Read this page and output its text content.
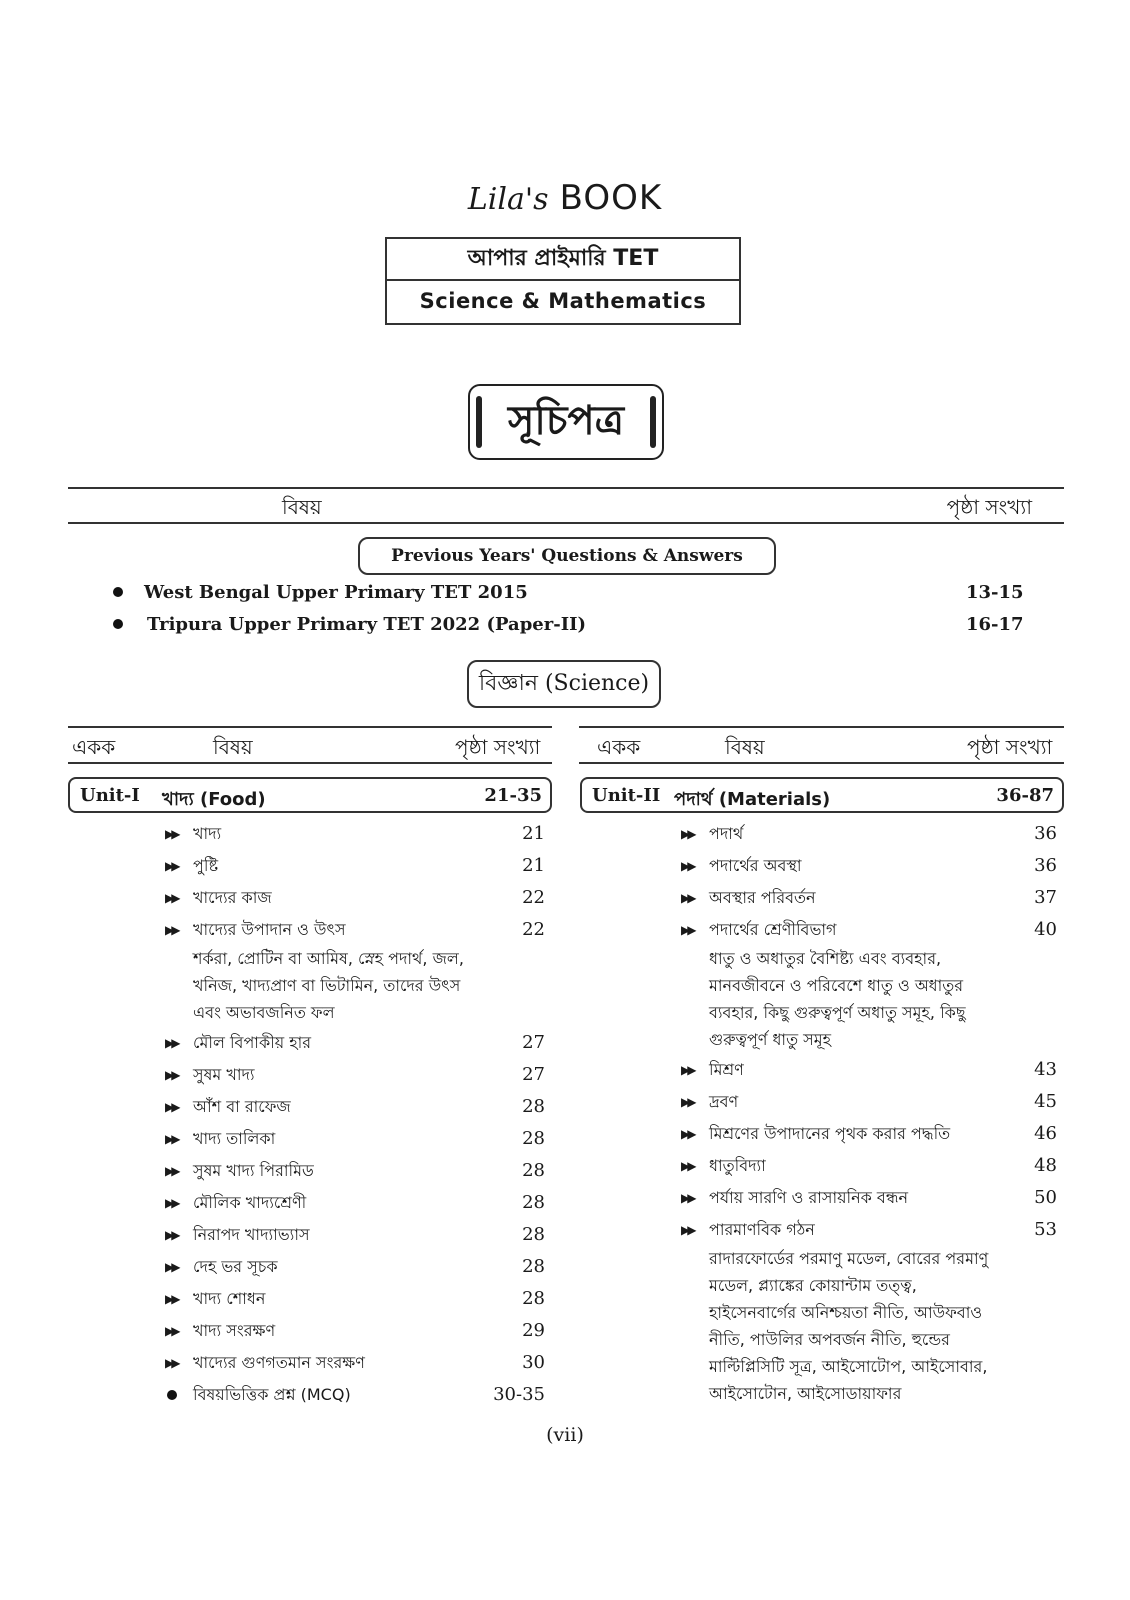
Lila's BOOK
আপার প্রাইমারি TET
Science & Mathematics
সূচিপত্র
বিষয়	পৃষ্ঠা সংখ্যা
Previous Years' Questions & Answers
West Bengal Upper Primary TET 2015	13-15
Tripura Upper Primary TET 2022 (Paper-II)	16-17
বিজ্ঞান (Science)
একক	বিষয়	পৃষ্ঠা সংখ্যা	একক	বিষয়	পৃষ্ঠা সংখ্যা
Unit-I খাদ্য (Food)	21-35	Unit-II পদার্থ (Materials)	36-87
▶▶ খাদ্য	21
▶▶ পুষ্টি	21
▶▶ খাদ্যের কাজ	22
▶▶ খাদ্যের উপাদান ও উৎস	22
শর্করা, প্রোটিন বা আমিষ, স্নেহ পদার্থ, জল,
খনিজ, খাদ্যপ্রাণ বা ভিটামিন, তাদের উৎস
এবং অভাবজনিত ফল
▶▶ মৌল বিপাকীয় হার	27
▶▶ সুষম খাদ্য	27
▶▶ আঁশ বা রাফেজ	28
▶▶ খাদ্য তালিকা	28
▶▶ সুষম খাদ্য পিরামিড	28
▶▶ মৌলিক খাদ্যশ্রেণী	28
▶▶ নিরাপদ খাদ্যাভ্যাস	28
▶▶ দেহ ভর সূচক	28
▶▶ খাদ্য শোধন	28
▶▶ খাদ্য সংরক্ষণ	29
▶▶ খাদ্যের গুণগতমান সংরক্ষণ	30
বিষয়ভিত্তিক প্রশ্ন (MCQ)	30-35
▶▶ পদার্থ	36
▶▶ পদার্থের অবস্থা	36
▶▶ অবস্থার পরিবর্তন	37
▶▶ পদার্থের শ্রেণীবিভাগ	40
ধাতু ও অধাতুর বৈশিষ্ট্য এবং ব্যবহার,
মানবজীবনে ও পরিবেশে ধাতু ও অধাতুর
ব্যবহার, কিছু গুরুত্বপূর্ণ অধাতু সমূহ, কিছু
গুরুত্বপূর্ণ ধাতু সমূহ
▶▶ মিশ্রণ	43
▶▶ দ্রবণ	45
▶▶ মিশ্রণের উপাদানের পৃথক করার পদ্ধতি	46
▶▶ ধাতুবিদ্যা	48
▶▶ পর্যায় সারণি ও রাসায়নিক বন্ধন	50
▶▶ পারমাণবিক গঠন	53
রাদারফোর্ডের পরমাণু মডেল, বোরের পরমাণু
মডেল, প্ল্যাঙ্কের কোয়ান্টাম তত্ত্ব,
হাইসেনবার্গের অনিশ্চয়তা নীতি, আউফবাও
নীতি, পাউলির অপবর্জন নীতি, হুন্ডের
মাল্টিপ্লিসিটি সূত্র, আইসোটোপ, আইসোবার,
আইসোটোন, আইসোডায়াফার
(vii)
